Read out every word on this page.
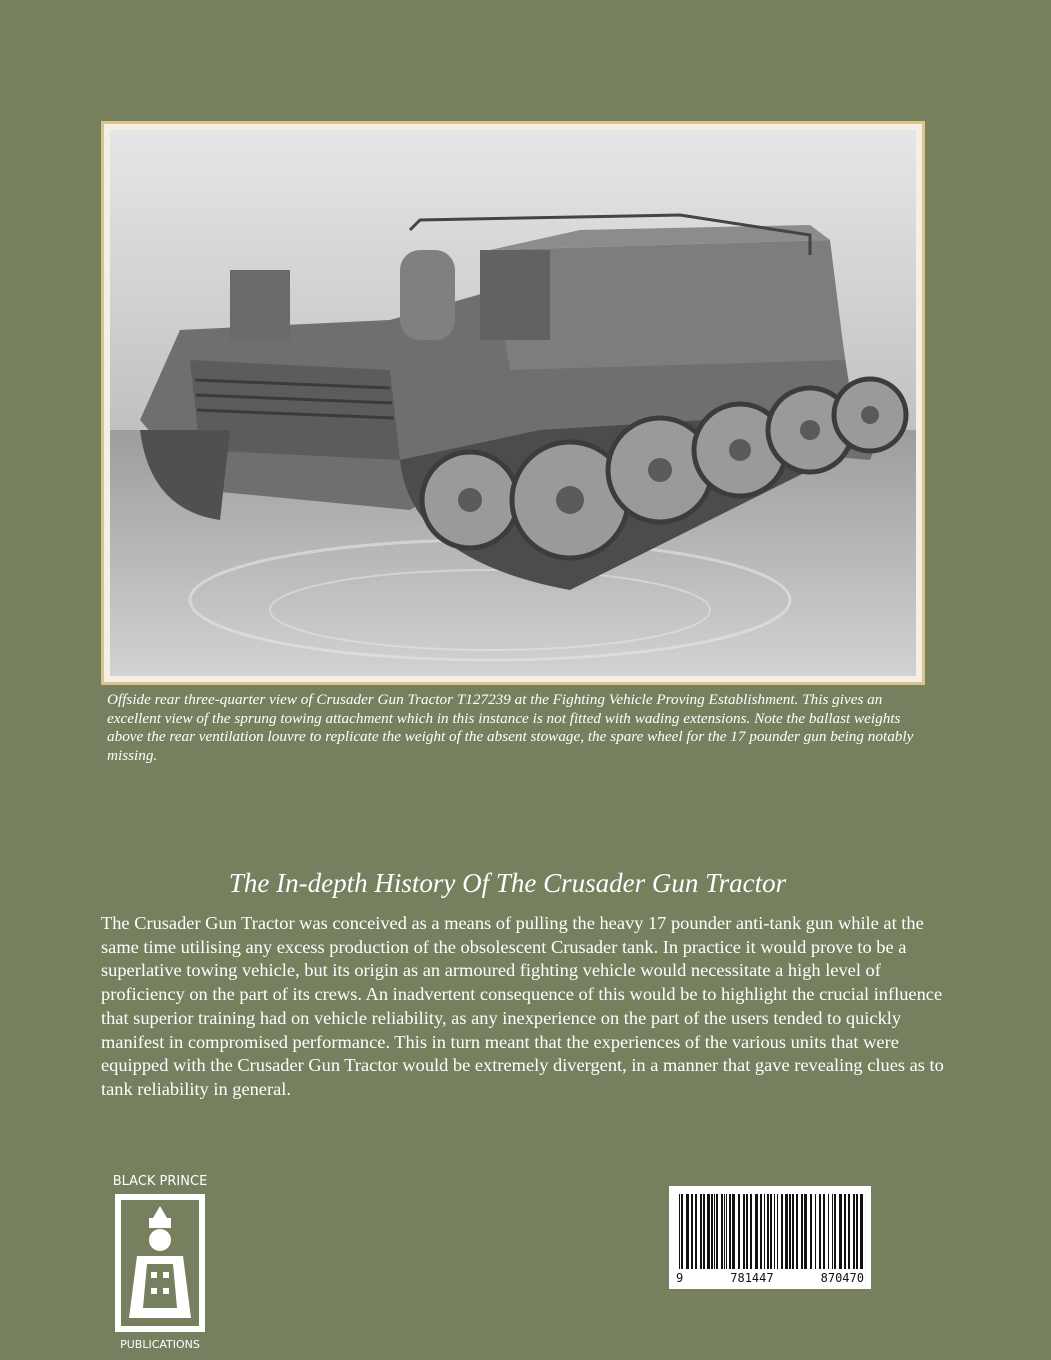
Offside rear three-quarter view of Crusader Gun Tractor T127239 at the Fighting Vehicle Proving Establishment. This gives an excellent view of the sprung towing attachment which in this instance is not fitted with wading extensions. Note the ballast weights above the rear ventilation louvre to replicate the weight of the absent stowage, the spare wheel for the 17 pounder gun being notably missing.

The In-depth History Of The Crusader Gun Tractor

The Crusader Gun Tractor was conceived as a means of pulling the heavy 17 pounder anti-tank gun while at the same time utilising any excess production of the obsolescent Crusader tank. In practice it would prove to be a superlative towing vehicle, but its origin as an armoured fighting vehicle would necessitate a high level of proficiency on the part of its crews. An inadvertent consequence of this would be to highlight the crucial influence that superior training had on vehicle reliability, as any inexperience on the part of the users tended to quickly manifest in compromised performance. This in turn meant that the experiences of the various units that were equipped with the Crusader Gun Tractor would be extremely divergent, in a manner that gave revealing clues as to tank reliability in general.

BLACK PRINCE
PUBLICATIONS
9	781447	870470
